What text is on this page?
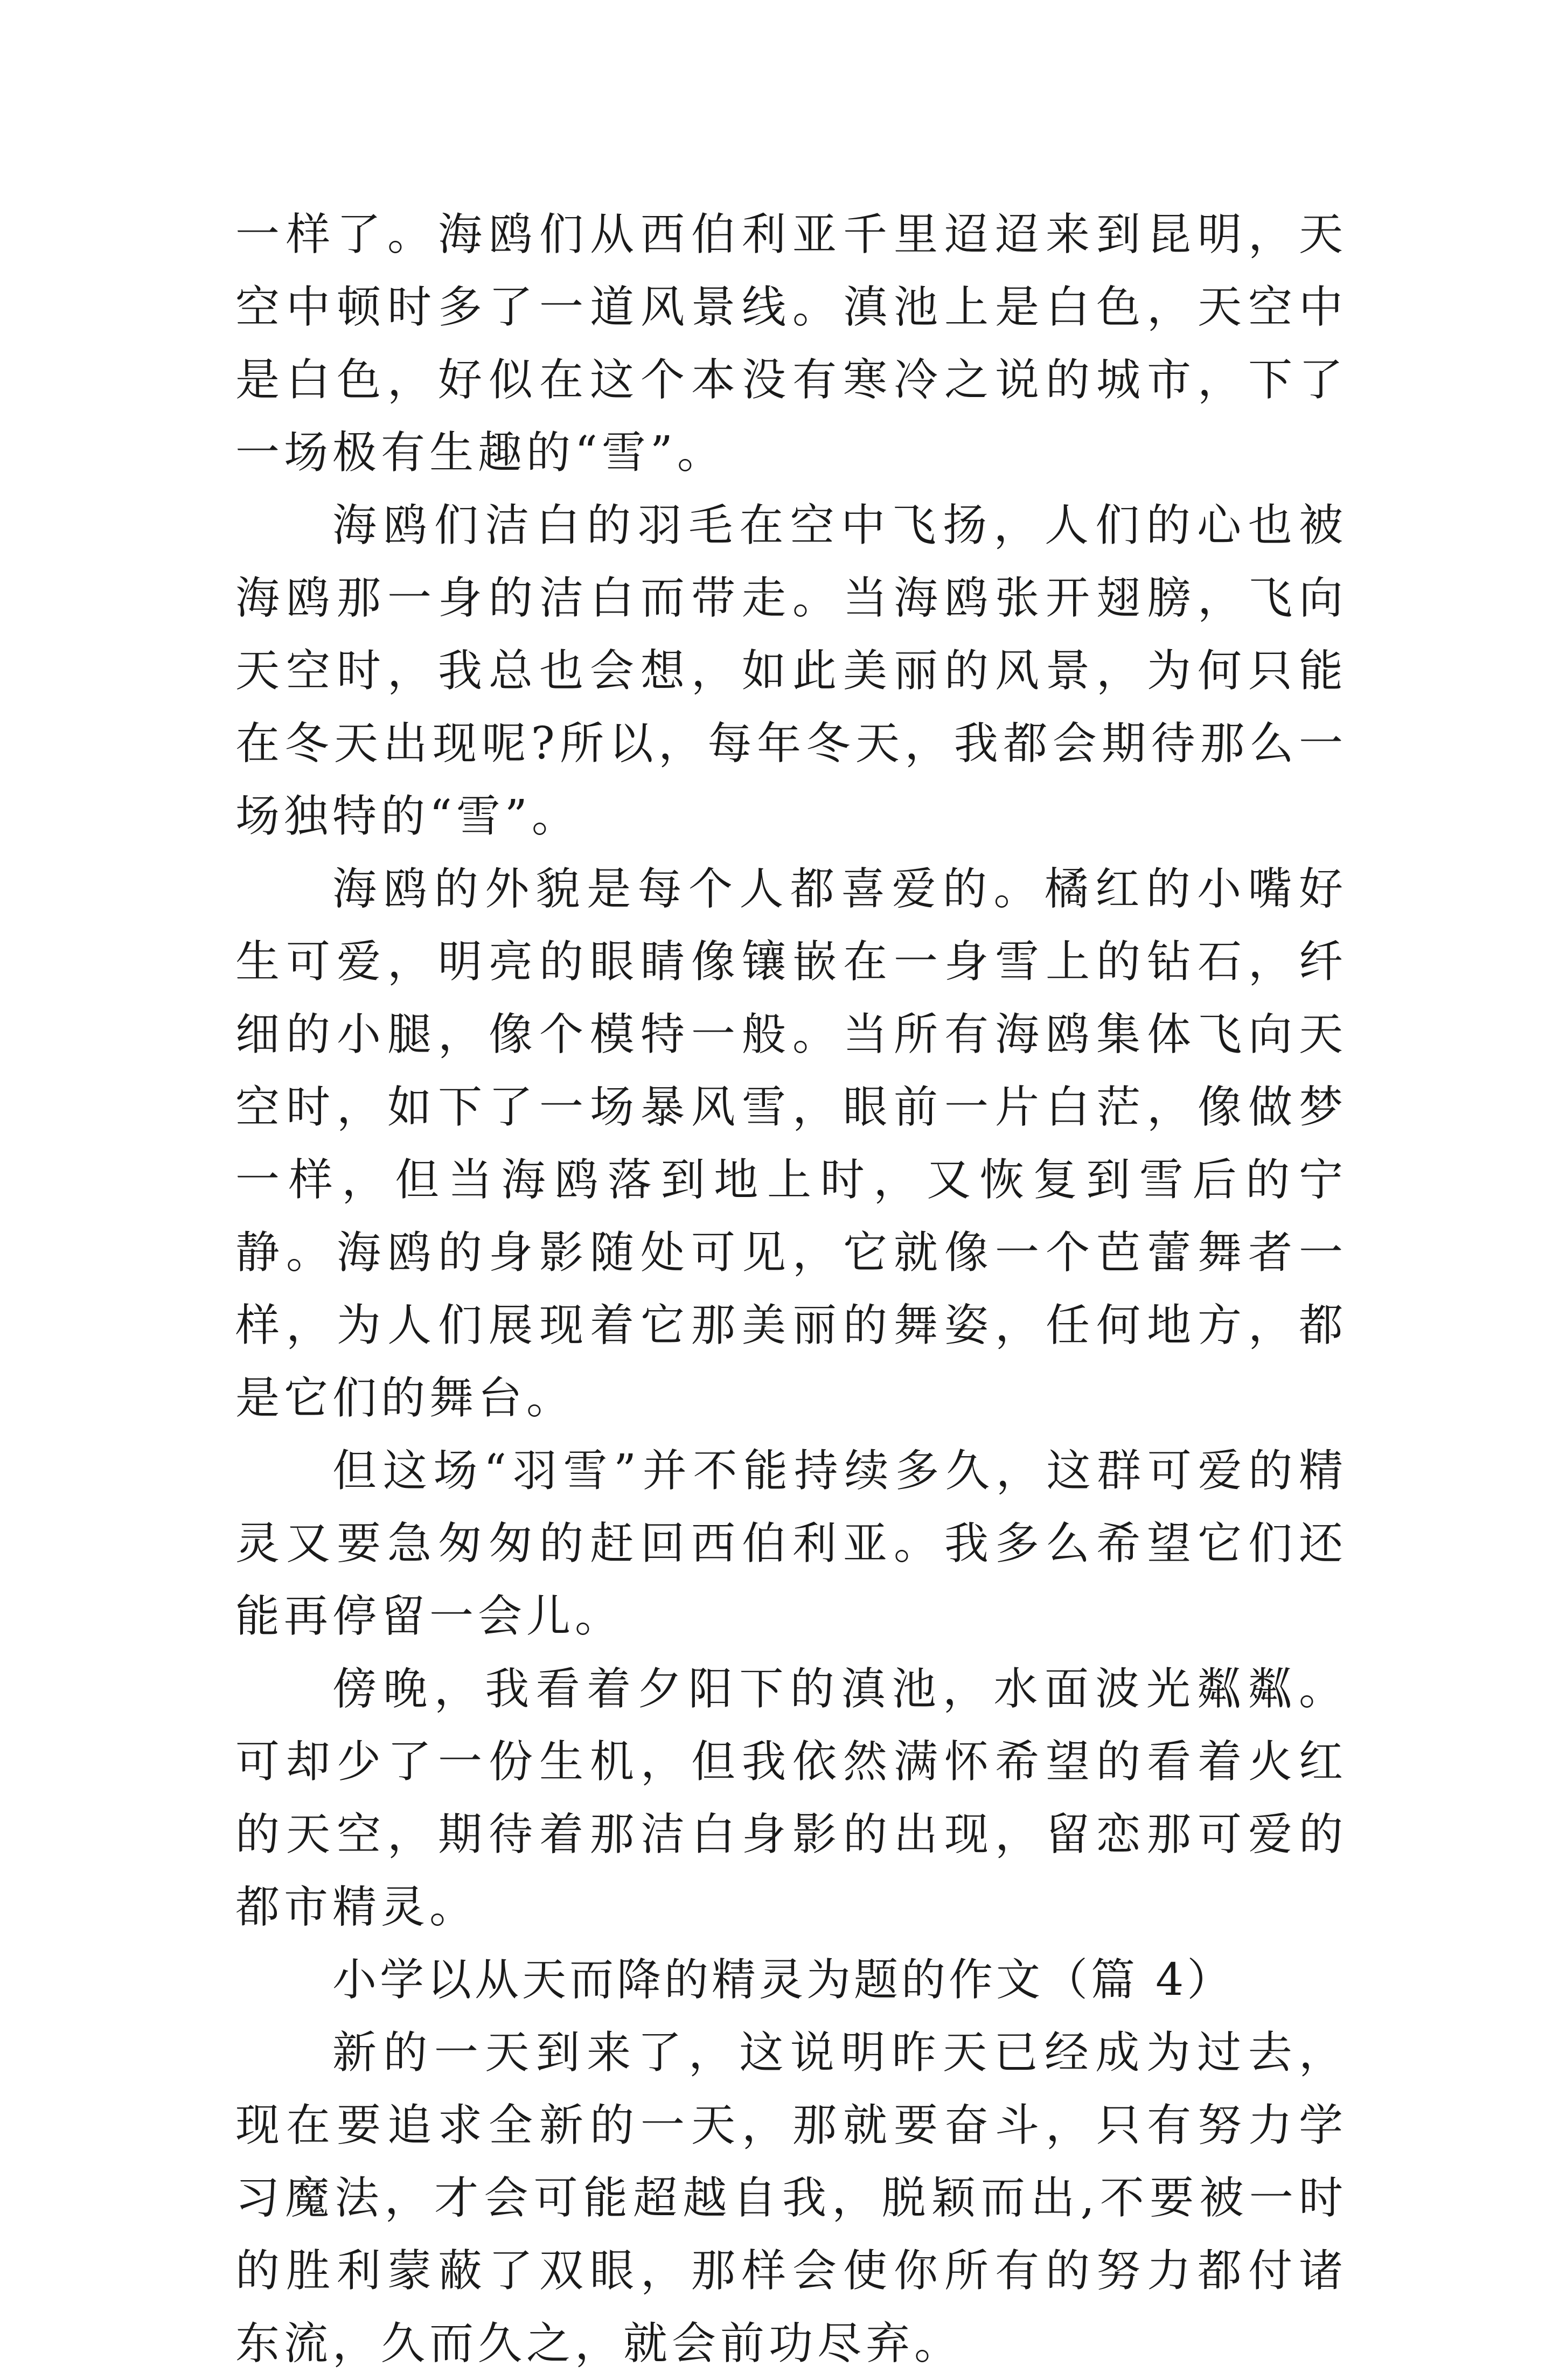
一样了。海鸥们从西伯利亚千里迢迢来到昆明，天空中顿时多了一道风景线。滇池上是白色，天空中是白色，好似在这个本没有寒冷之说的城市，下了一场极有生趣的“雪”。

海鸥们洁白的羽毛在空中飞扬，人们的心也被海鸥那一身的洁白而带走。当海鸥张开翅膀，飞向天空时，我总也会想，如此美丽的风景，为何只能在冬天出现呢?所以，每年冬天，我都会期待那么一场独特的“雪”。

海鸥的外貌是每个人都喜爱的。橘红的小嘴好生可爱，明亮的眼睛像镶嵌在一身雪上的钻石，纤细的小腿，像个模特一般。当所有海鸥集体飞向天空时，如下了一场暴风雪，眼前一片白茫，像做梦一样，但当海鸥落到地上时，又恢复到雪后的宁静。海鸥的身影随处可见，它就像一个芭蕾舞者一样，为人们展现着它那美丽的舞姿，任何地方，都是它们的舞台。

但这场“羽雪”并不能持续多久，这群可爱的精灵又要急匆匆的赶回西伯利亚。我多么希望它们还能再停留一会儿。

傍晚，我看着夕阳下的滇池，水面波光粼粼。可却少了一份生机，但我依然满怀希望的看着火红的天空，期待着那洁白身影的出现，留恋那可爱的都市精灵。

小学以从天而降的精灵为题的作文（篇 4）

新的一天到来了，这说明昨天已经成为过去，现在要追求全新的一天，那就要奋斗，只有努力学习魔法，才会可能超越自我，脱颖而出,不要被一时的胜利蒙蔽了双眼，那样会使你所有的努力都付诸东流，久而久之，就会前功尽弃。
